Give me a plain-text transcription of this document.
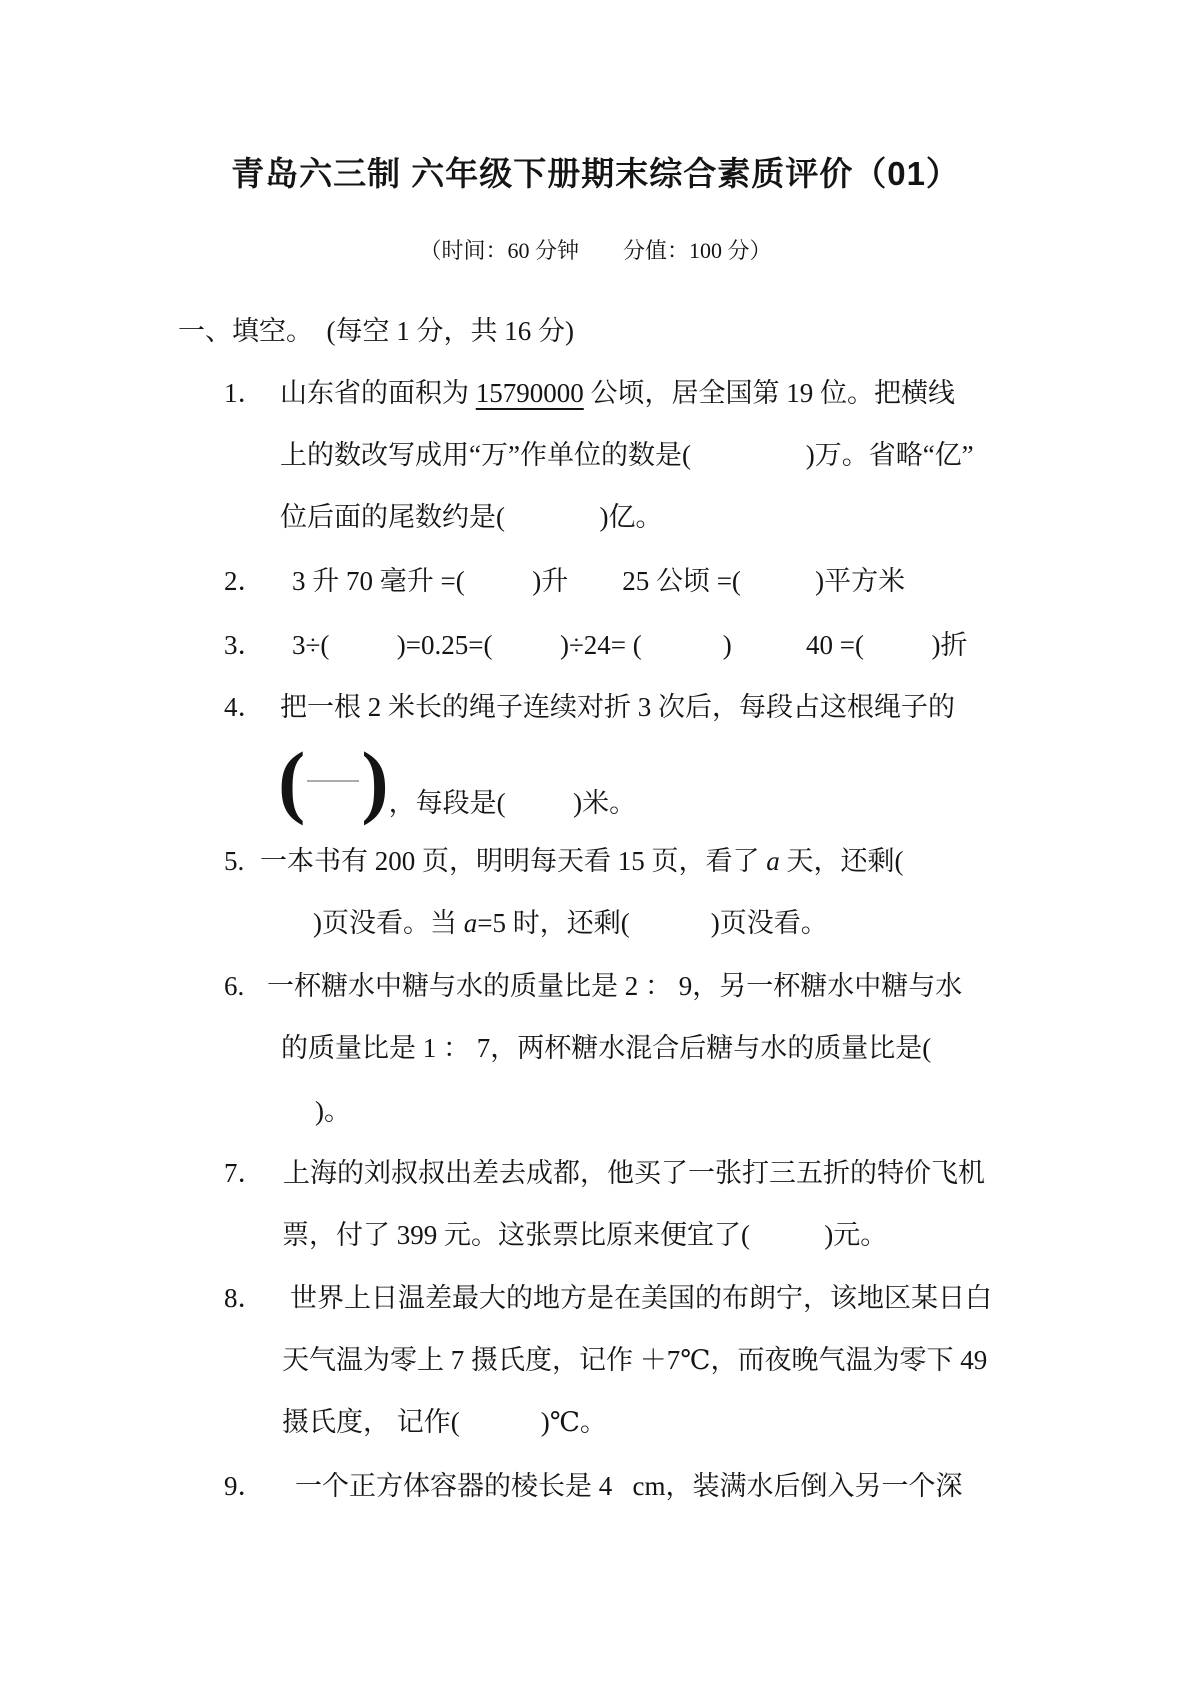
青岛六三制 六年级下册期末综合素质评价（01）
（时间：60 分钟　　分值：100 分）
一、填空。  (每空 1 分，共 16 分)
1． 山东省的面积为 15790000 公顷，居全国第 19 位。把横线
上的数改写成用“万”作单位的数是(                 )万。省略“亿”
位后面的尾数约是(              )亿。
2． 3 升 70 毫升 =(          )升        25 公顷 =(           )平方米
3． 3÷(          )=0.25=(          )÷24= (            )           40 =(          )折
4． 把一根 2 米长的绳子连续对折 3 次后，每段占这根绳子的
( ) ，每段是(          )米。
5. 一本书有 200 页，明明每天看 15 页，看了 a 天，还剩(
)页没看。当 a=5 时，还剩(            )页没看。
6. 一杯糖水中糖与水的质量比是 2 ： 9，另一杯糖水中糖与水
的质量比是 1 ： 7，两杯糖水混合后糖与水的质量比是(
)。
7． 上海的刘叔叔出差去成都，他买了一张打三五折的特价飞机
票，付了 399 元。这张票比原来便宜了(           )元。
8． 世界上日温差最大的地方是在美国的布朗宁，该地区某日白
天气温为零上 7 摄氏度，记作 ＋7℃，而夜晚气温为零下 49
摄氏度， 记作(            )℃。
9． 一个正方体容器的棱长是 4   cm，装满水后倒入另一个深
